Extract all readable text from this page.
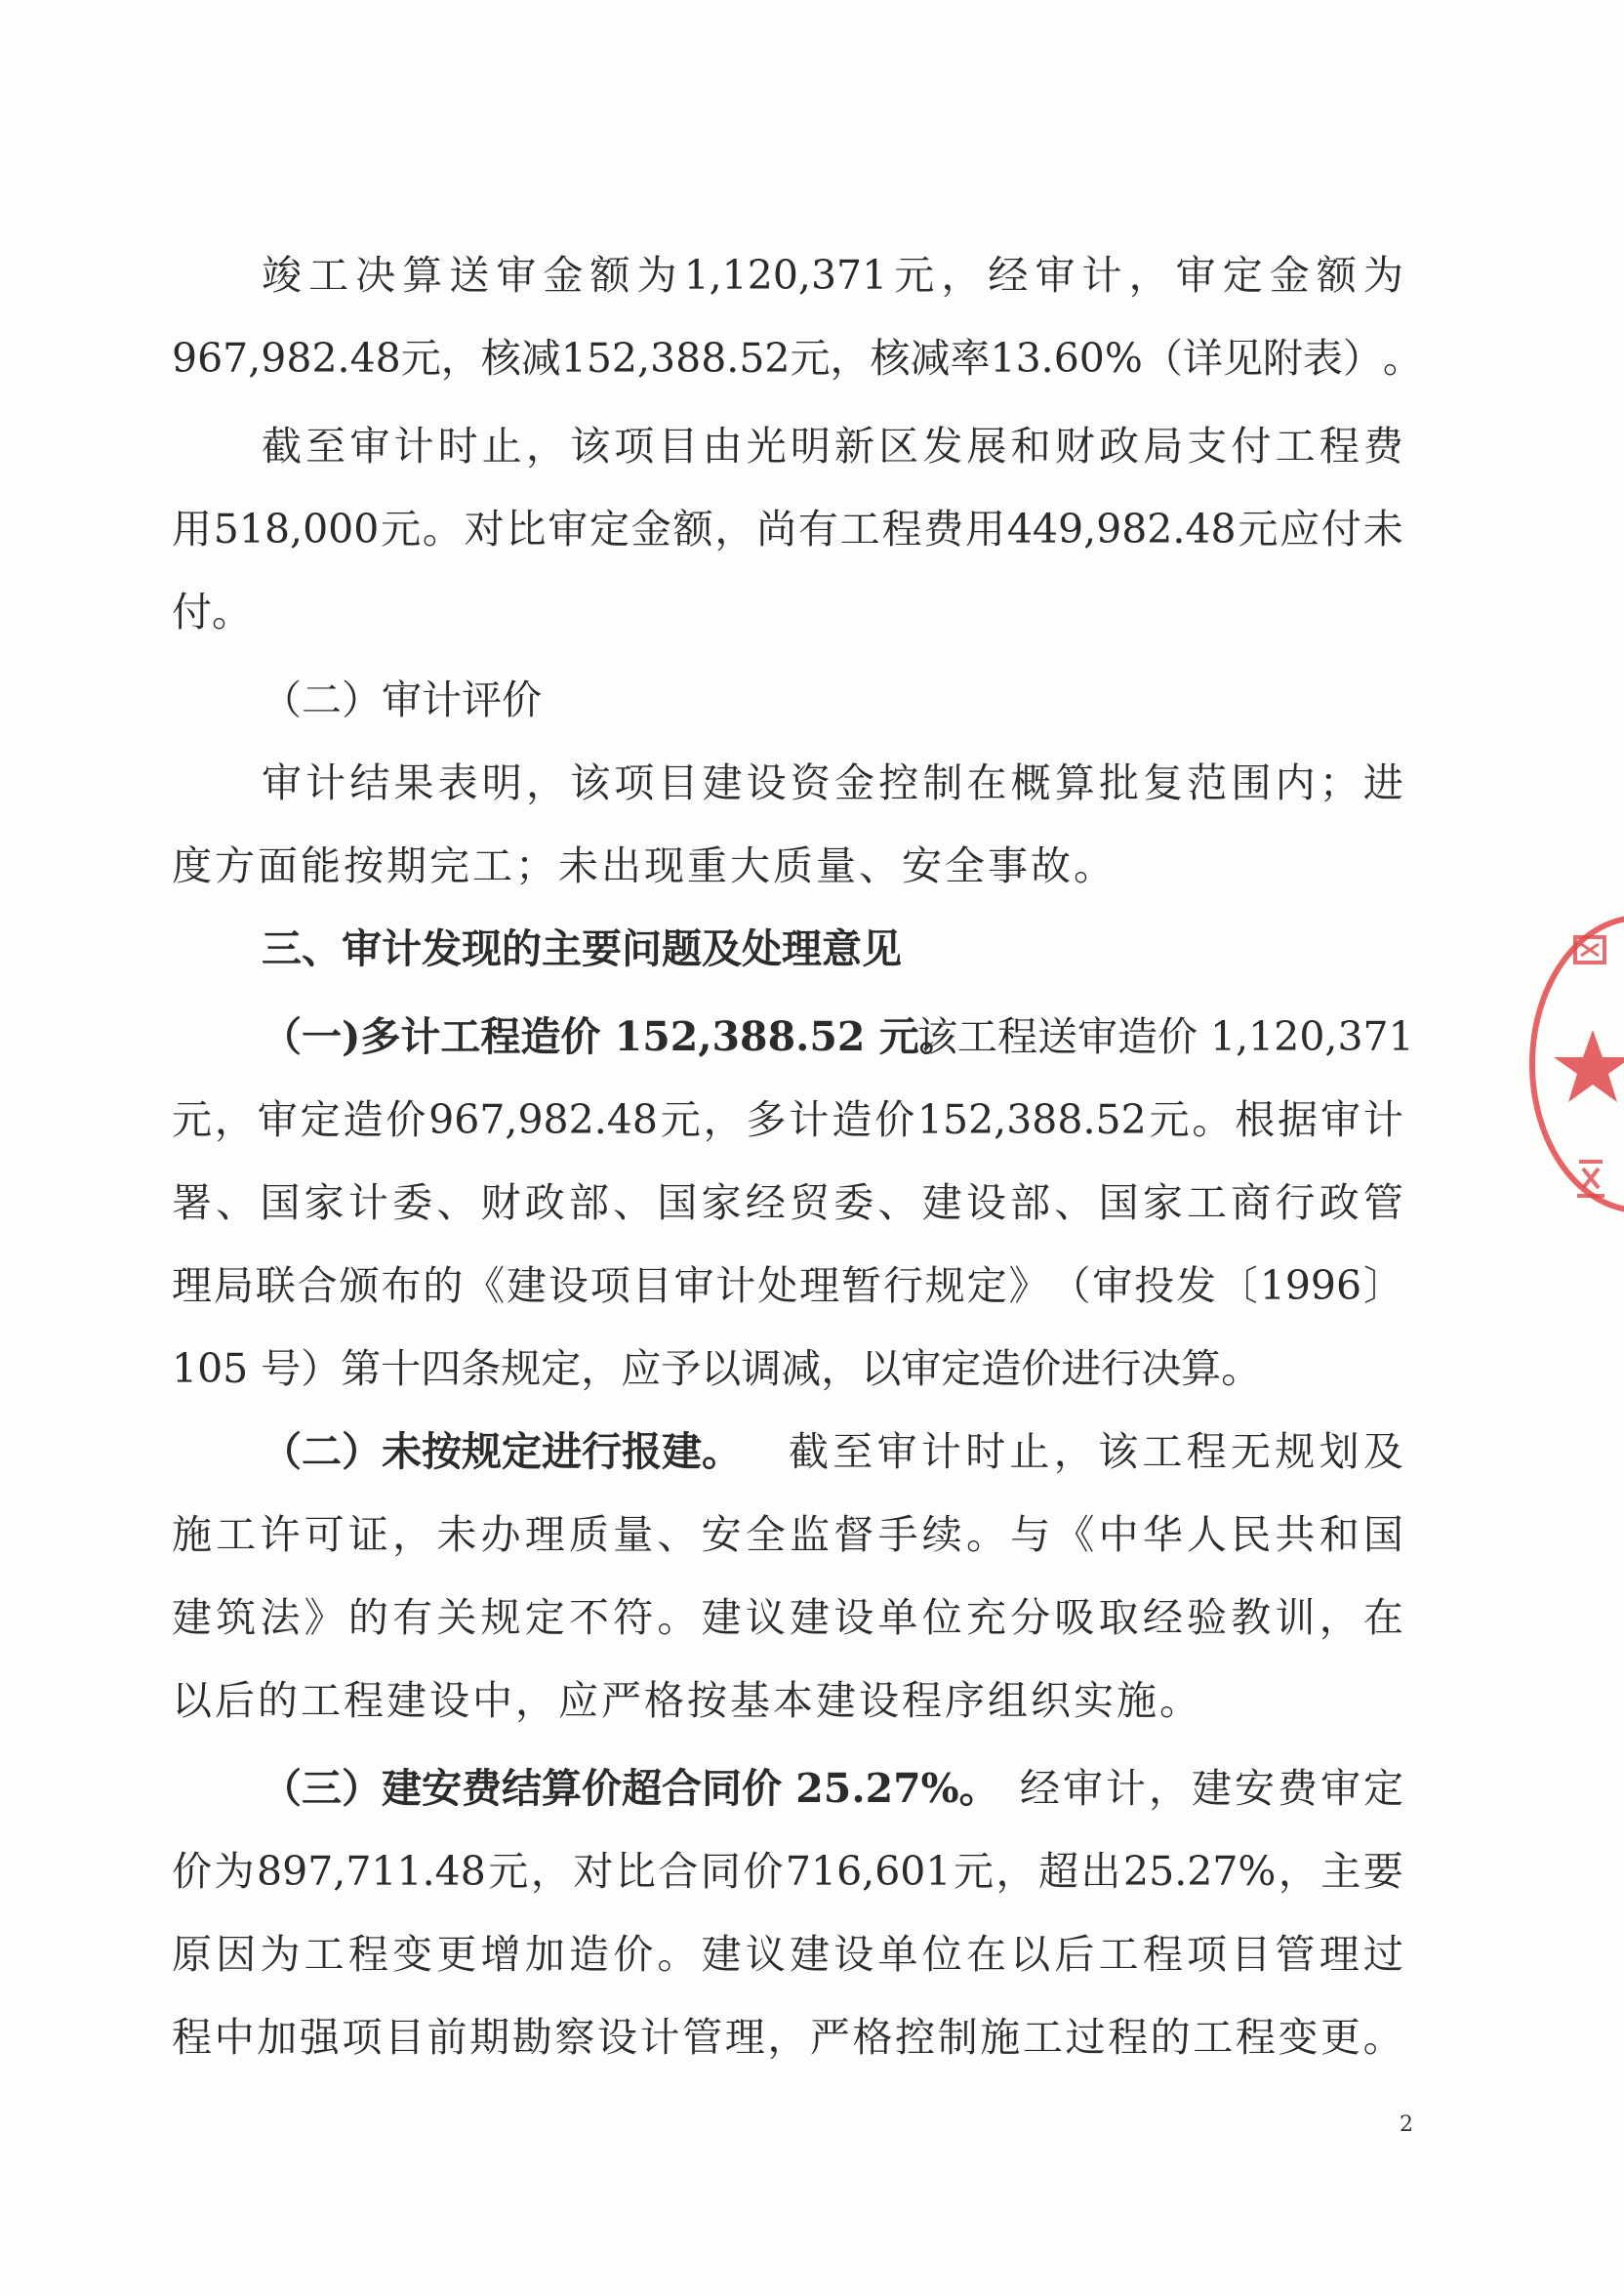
竣 工 决 算 送 审 金 额 为 1,120,371 元 ， 经 审 计 ， 审 定 金 额 为
967,982.48 元 ， 核 减 152,388.52 元 ， 核 减 率 13.60% （ 详 见 附 表 ） 。
截 至 审 计 时 止 ， 该 项 目 由 光 明 新 区 发 展 和 财 政 局 支 付 工 程 费
用 518,000 元 。 对 比 审 定 金 额 ， 尚 有 工 程 费 用 449,982.48 元 应 付 未
付。
（二）审计评价
审 计 结 果 表 明 ， 该 项 目 建 设 资 金 控 制 在 概 算 批 复 范 围 内 ； 进
度方面能按期完工；未出现重大质量、安全事故。
三、审计发现的主要问题及处理意见
（一)多计工程造价 152,388.52 元。
该工程送审造价 1,120,371
元 ， 审 定 造 价 967,982.48 元 ， 多 计 造 价 152,388.52 元 。 根 据 审 计
署 、 国 家 计 委 、 财 政 部 、 国 家 经 贸 委 、 建 设 部 、 国 家 工 商 行 政 管
理 局 联 合 颁 布 的 《 建 设 项 目 审 计 处 理 暂 行 规 定 》 （ 审 投 发 〔 1996 〕
105 号）第十四条规定，应予以调减，以审定造价进行决算。
（二）未按规定进行报建。 截 至 审 计 时 止 ， 该 工 程 无 规 划 及
施 工 许 可 证 ， 未 办 理 质 量 、 安 全 监 督 手 续 。 与 《 中 华 人 民 共 和 国
建 筑 法 》 的 有 关 规 定 不 符 。 建 议 建 设 单 位 充 分 吸 取 经 验 教 训 ， 在
以后的工程建设中，应严格按基本建设程序组织实施。
（三）建安费结算价超合同价 25.27%。 经 审 计 ， 建 安 费 审 定
价 为 897,711.48 元 ， 对 比 合 同 价 716,601 元 ， 超 出 25.27% ， 主 要
原 因 为 工 程 变 更 增 加 造 价 。 建 议 建 设 单 位 在 以 后 工 程 项 目 管 理 过
程 中 加 强 项 目 前 期 勘 察 设 计 管 理 ， 严 格 控 制 施 工 过 程 的 工 程 变 更 。
2
